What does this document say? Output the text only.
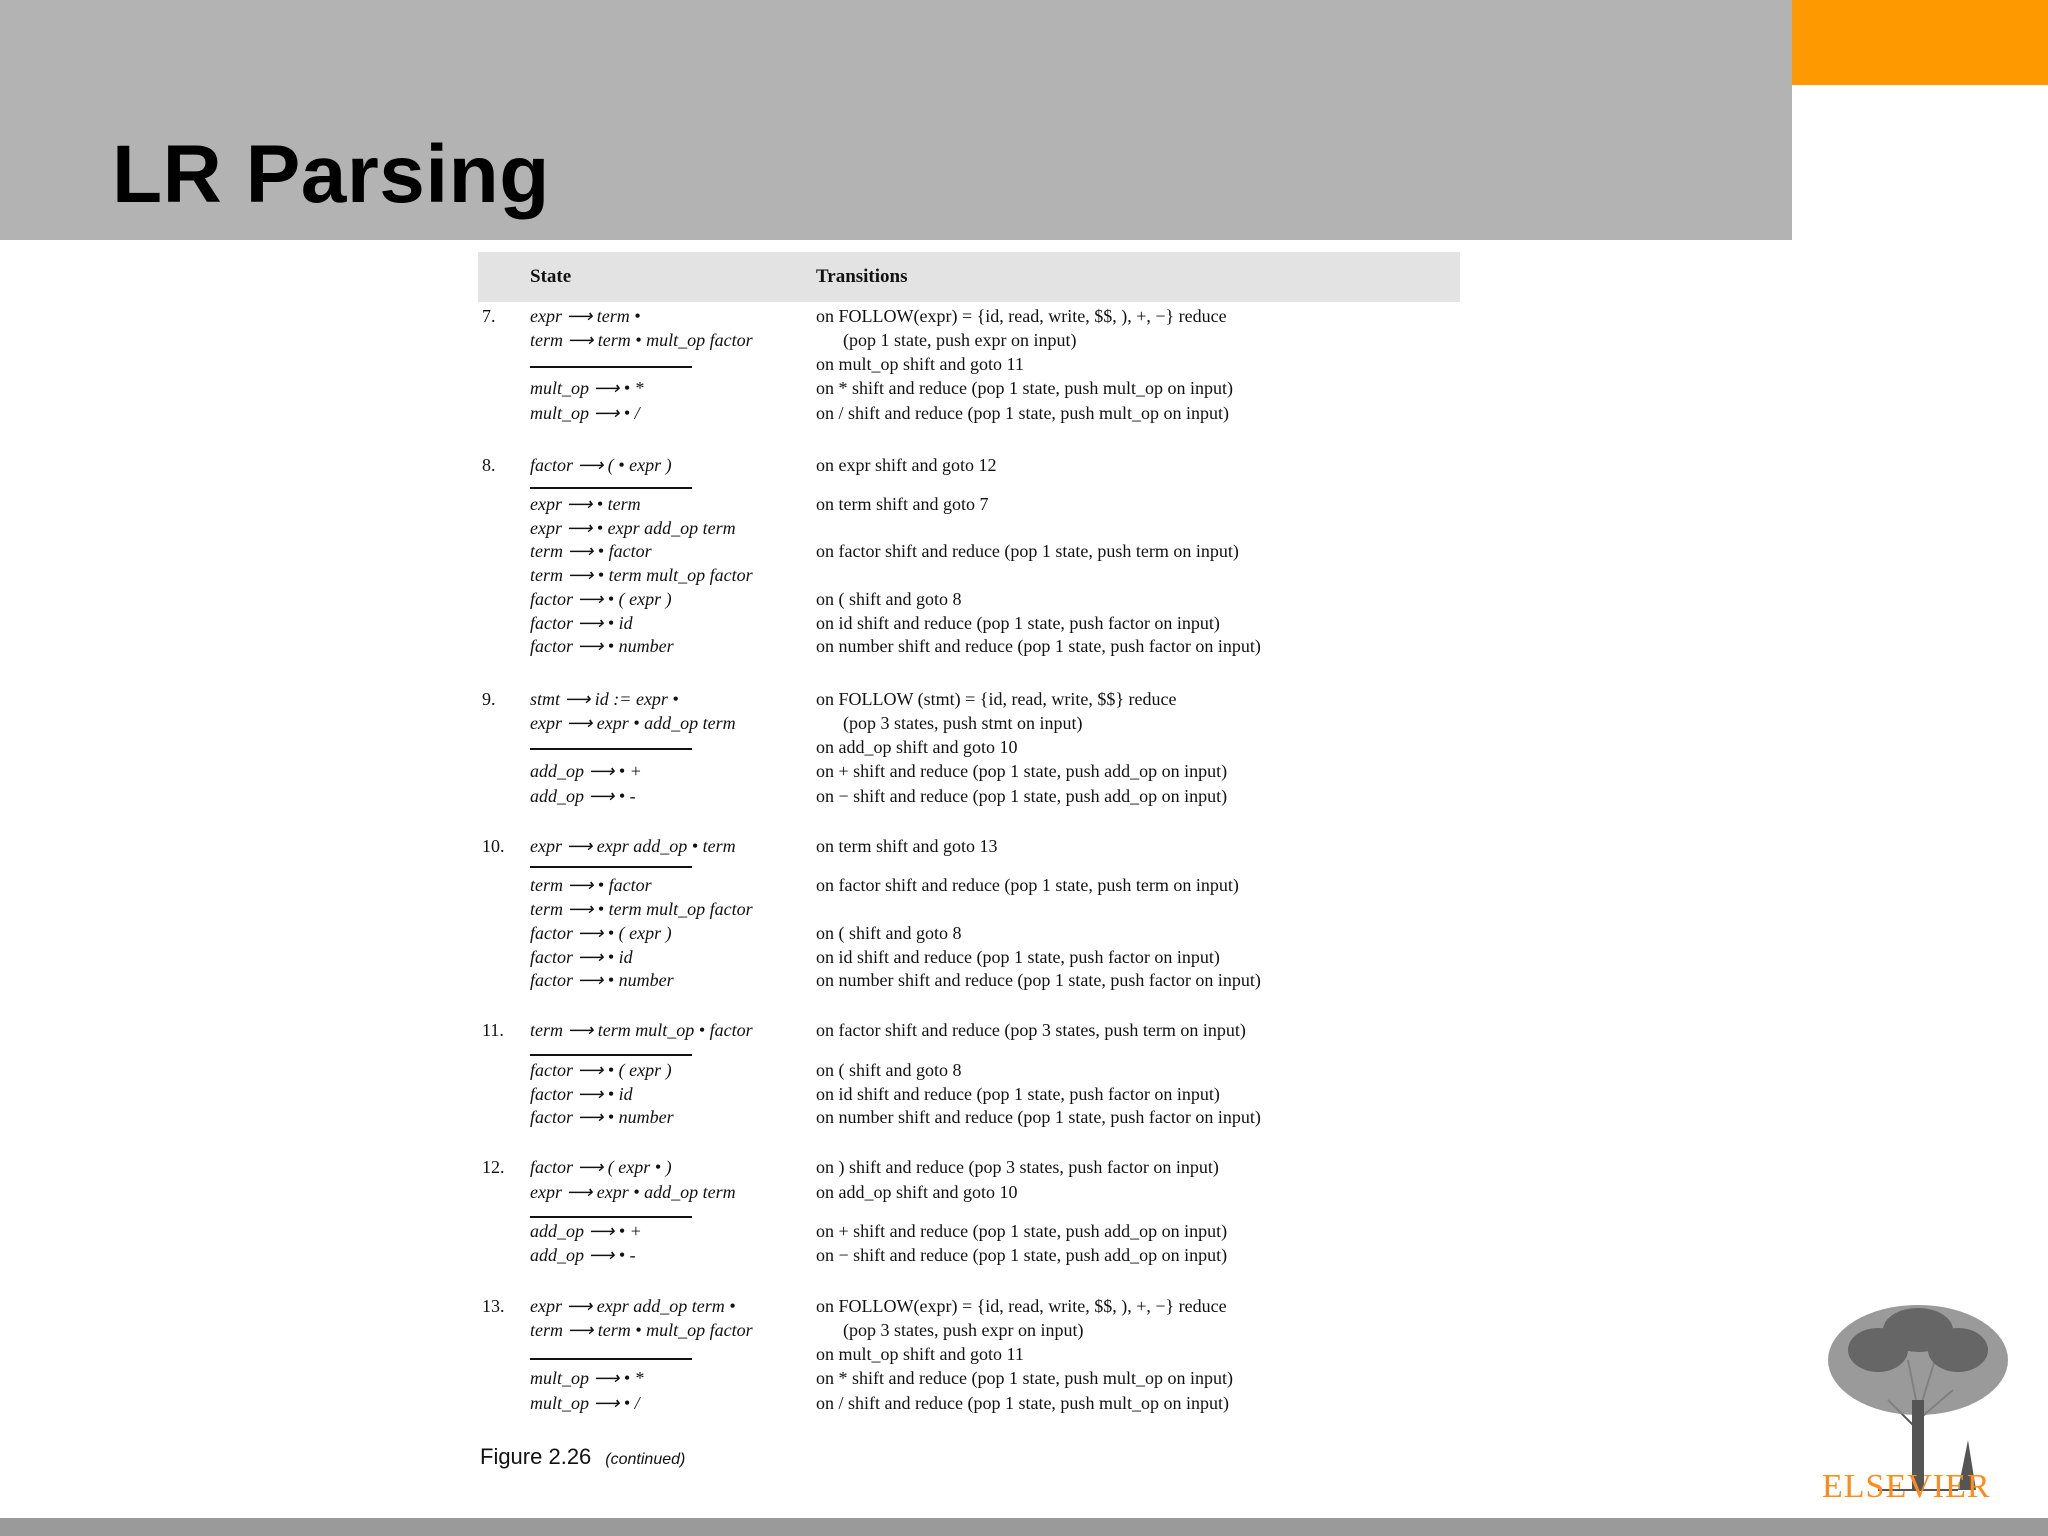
LR Parsing
State	Transitions
7. expr ⟶ term •	on FOLLOW(expr) = {id, read, write, $$, ), +, −} reduce
term ⟶ term • mult_op factor	(pop 1 state, push expr on input)
on mult_op shift and goto 11
mult_op ⟶ • *	on * shift and reduce (pop 1 state, push mult_op on input)
mult_op ⟶ • /	on / shift and reduce (pop 1 state, push mult_op on input)
8. factor ⟶ ( • expr )	on expr shift and goto 12
expr ⟶ • term	on term shift and goto 7
expr ⟶ • expr add_op term
term ⟶ • factor	on factor shift and reduce (pop 1 state, push term on input)
term ⟶ • term mult_op factor
factor ⟶ • ( expr )	on ( shift and goto 8
factor ⟶ • id	on id shift and reduce (pop 1 state, push factor on input)
factor ⟶ • number	on number shift and reduce (pop 1 state, push factor on input)
9. stmt ⟶ id := expr •	on FOLLOW (stmt) = {id, read, write, $$} reduce
expr ⟶ expr • add_op term	(pop 3 states, push stmt on input)
on add_op shift and goto 10
add_op ⟶ • +	on + shift and reduce (pop 1 state, push add_op on input)
add_op ⟶ • -	on − shift and reduce (pop 1 state, push add_op on input)
10. expr ⟶ expr add_op • term	on term shift and goto 13
term ⟶ • factor	on factor shift and reduce (pop 1 state, push term on input)
term ⟶ • term mult_op factor
factor ⟶ • ( expr )	on ( shift and goto 8
factor ⟶ • id	on id shift and reduce (pop 1 state, push factor on input)
factor ⟶ • number	on number shift and reduce (pop 1 state, push factor on input)
11. term ⟶ term mult_op • factor	on factor shift and reduce (pop 3 states, push term on input)
factor ⟶ • ( expr )	on ( shift and goto 8
factor ⟶ • id	on id shift and reduce (pop 1 state, push factor on input)
factor ⟶ • number	on number shift and reduce (pop 1 state, push factor on input)
12. factor ⟶ ( expr • )	on ) shift and reduce (pop 3 states, push factor on input)
expr ⟶ expr • add_op term	on add_op shift and goto 10
add_op ⟶ • +	on + shift and reduce (pop 1 state, push add_op on input)
add_op ⟶ • -	on − shift and reduce (pop 1 state, push add_op on input)
13. expr ⟶ expr add_op term •	on FOLLOW(expr) = {id, read, write, $$, ), +, −} reduce
term ⟶ term • mult_op factor	(pop 3 states, push expr on input)
on mult_op shift and goto 11
mult_op ⟶ • *	on * shift and reduce (pop 1 state, push mult_op on input)
mult_op ⟶ • /	on / shift and reduce (pop 1 state, push mult_op on input)
Figure 2.26 (continued)
ELSEVIER
